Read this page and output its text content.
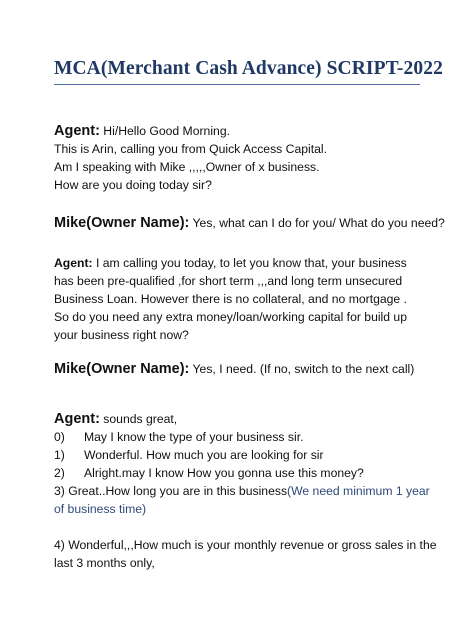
MCA(Merchant Cash Advance) SCRIPT-2022
Agent: Hi/Hello Good Morning.
This is Arin, calling you from Quick Access Capital.
Am I speaking with Mike ,,,,,Owner of x business.
How are you doing today sir?
Mike(Owner Name): Yes, what can I do for you/ What do you need?
Agent: I am calling you today, to let you know that, your business has been pre-qualified ,for short term ,,,and long term unsecured Business Loan. However there is no collateral, and no mortgage . So do you need any extra money/loan/working capital for build up your business right now?
Mike(Owner Name): Yes, I need. (If no, switch to the next call)
Agent: sounds great,
0) May I know the type of your business sir.
1) Wonderful. How much you are looking for sir
2) Alright.may I know How you gonna use this money?
3) Great..How long you are in this business(We need minimum 1 year
of business time)
4) Wonderful,,,How much is your monthly revenue or gross sales in the
last 3 months only,
